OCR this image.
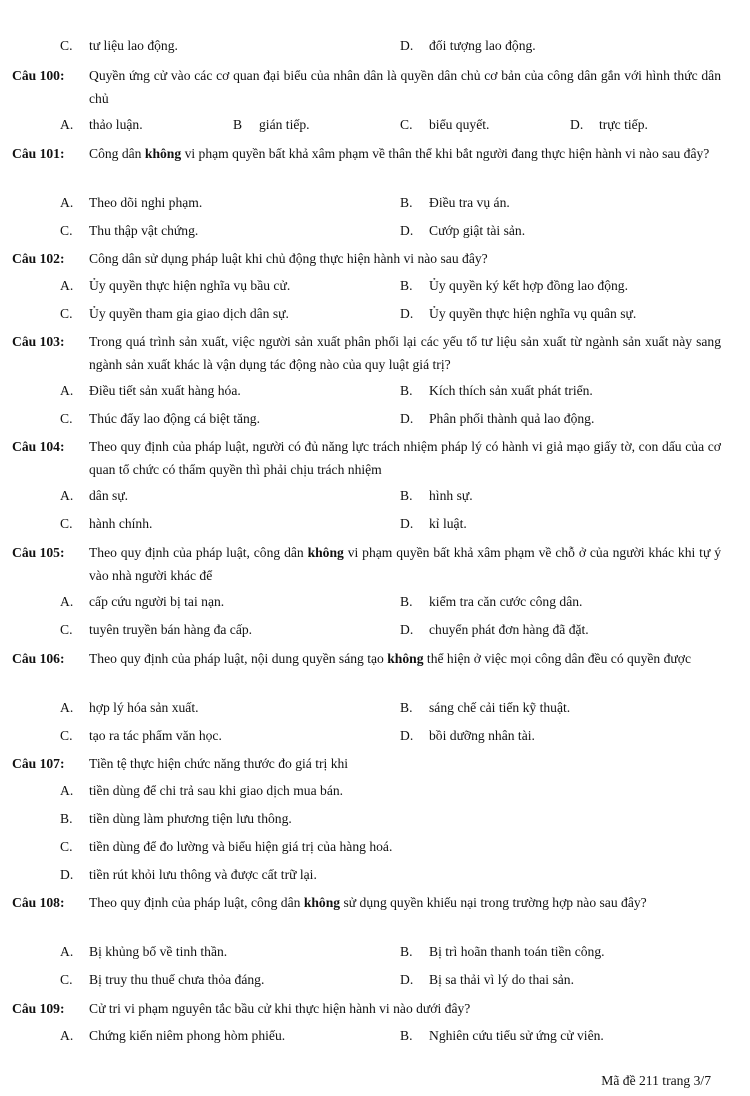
C. tư liệu lao động.	D. đối tượng lao động.
Câu 100: Quyền ứng cử vào các cơ quan đại biểu của nhân dân là quyền dân chủ cơ bản của công dân gắn với hình thức dân chủ
A. thảo luận.	B gián tiếp.	C. biểu quyết.	D. trực tiếp.
Câu 101: Công dân không vi phạm quyền bất khả xâm phạm về thân thể khi bắt người đang thực hiện hành vi nào sau đây?
A. Theo dõi nghi phạm.	B. Điều tra vụ án.
C. Thu thập vật chứng.	D. Cướp giật tài sản.
Câu 102: Công dân sử dụng pháp luật khi chủ động thực hiện hành vi nào sau đây?
A. Ủy quyền thực hiện nghĩa vụ bầu cử.	B. Ủy quyền ký kết hợp đồng lao động.
C. Ủy quyền tham gia giao dịch dân sự.	D. Ủy quyền thực hiện nghĩa vụ quân sự.
Câu 103: Trong quá trình sản xuất, việc người sản xuất phân phối lại các yếu tố tư liệu sản xuất từ ngành sản xuất này sang ngành sản xuất khác là vận dụng tác động nào của quy luật giá trị?
A. Điều tiết sản xuất hàng hóa.	B. Kích thích sản xuất phát triển.
C. Thúc đẩy lao động cá biệt tăng.	D. Phân phối thành quả lao động.
Câu 104: Theo quy định của pháp luật, người có đủ năng lực trách nhiệm pháp lý có hành vi giả mạo giấy tờ, con dấu của cơ quan tổ chức có thẩm quyền thì phải chịu trách nhiệm
A. dân sự.	B. hình sự.
C. hành chính.	D. kỉ luật.
Câu 105: Theo quy định của pháp luật, công dân không vi phạm quyền bất khả xâm phạm về chỗ ở của người khác khi tự ý vào nhà người khác để
A. cấp cứu người bị tai nạn.	B. kiểm tra căn cước công dân.
C. tuyên truyền bán hàng đa cấp.	D. chuyển phát đơn hàng đã đặt.
Câu 106: Theo quy định của pháp luật, nội dung quyền sáng tạo không thể hiện ở việc mọi công dân đều có quyền được
A. hợp lý hóa sản xuất.	B. sáng chế cải tiến kỹ thuật.
C. tạo ra tác phẩm văn học.	D. bồi dưỡng nhân tài.
Câu 107: Tiền tệ thực hiện chức năng thước đo giá trị khi
A. tiền dùng để chi trả sau khi giao dịch mua bán.
B. tiền dùng làm phương tiện lưu thông.
C. tiền dùng để đo lường và biểu hiện giá trị của hàng hoá.
D. tiền rút khỏi lưu thông và được cất trữ lại.
Câu 108: Theo quy định của pháp luật, công dân không sử dụng quyền khiếu nại trong trường hợp nào sau đây?
A. Bị khủng bố về tinh thần.	B. Bị trì hoãn thanh toán tiền công.
C. Bị truy thu thuế chưa thỏa đáng.	D. Bị sa thải vì lý do thai sản.
Câu 109: Cử tri vi phạm nguyên tắc bầu cử khi thực hiện hành vi nào dưới đây?
A. Chứng kiến niêm phong hòm phiếu.	B. Nghiên cứu tiểu sử ứng cử viên.
Mã đề 211 trang 3/7
